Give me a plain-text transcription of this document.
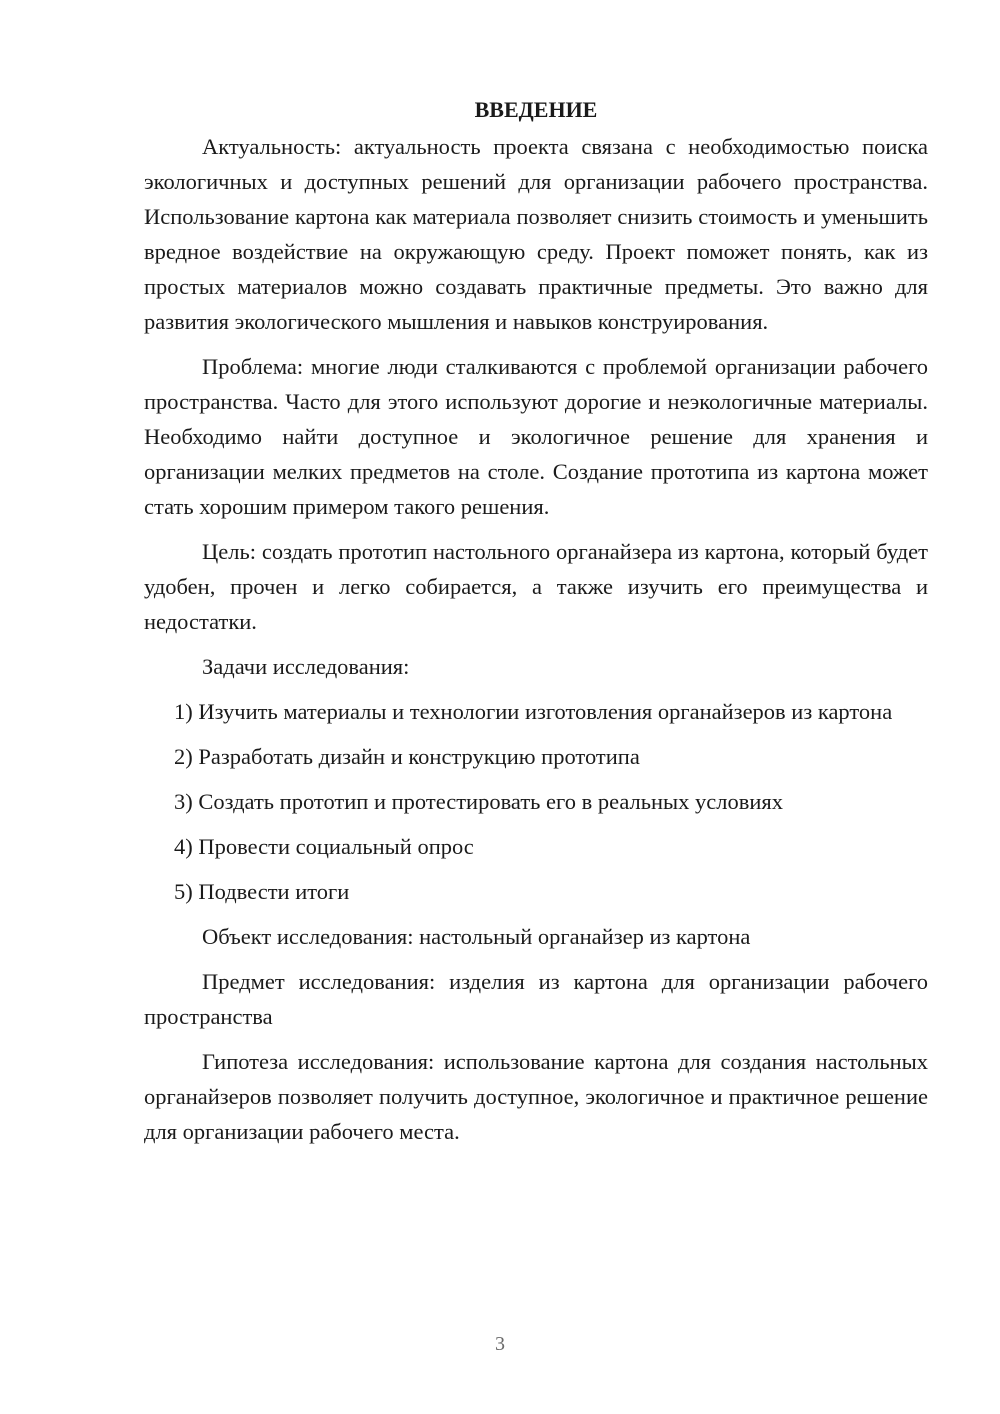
ВВЕДЕНИЕ

Актуальность: актуальность проекта связана с необходимостью поиска экологичных и доступных решений для организации рабочего пространства. Использование картона как материала позволяет снизить стоимость и уменьшить вредное воздействие на окружающую среду. Проект поможет понять, как из простых материалов можно создавать практичные предметы. Это важно для развития экологического мышления и навыков конструирования.

Проблема: многие люди сталкиваются с проблемой организации рабочего пространства. Часто для этого используют дорогие и неэкологичные материалы. Необходимо найти доступное и экологичное решение для хранения и организации мелких предметов на столе. Создание прототипа из картона может стать хорошим примером такого решения.

Цель: создать прототип настольного органайзера из картона, который будет удобен, прочен и легко собирается, а также изучить его преимущества и недостатки.

Задачи исследования:

1) Изучить материалы и технологии изготовления органайзеров из картона

2) Разработать дизайн и конструкцию прототипа

3) Создать прототип и протестировать его в реальных условиях

4) Провести социальный опрос

5) Подвести итоги

Объект исследования: настольный органайзер из картона

Предмет исследования: изделия из картона для организации рабочего пространства

Гипотеза исследования: использование картона для создания настольных органайзеров позволяет получить доступное, экологичное и практичное решение для организации рабочего места.

3
